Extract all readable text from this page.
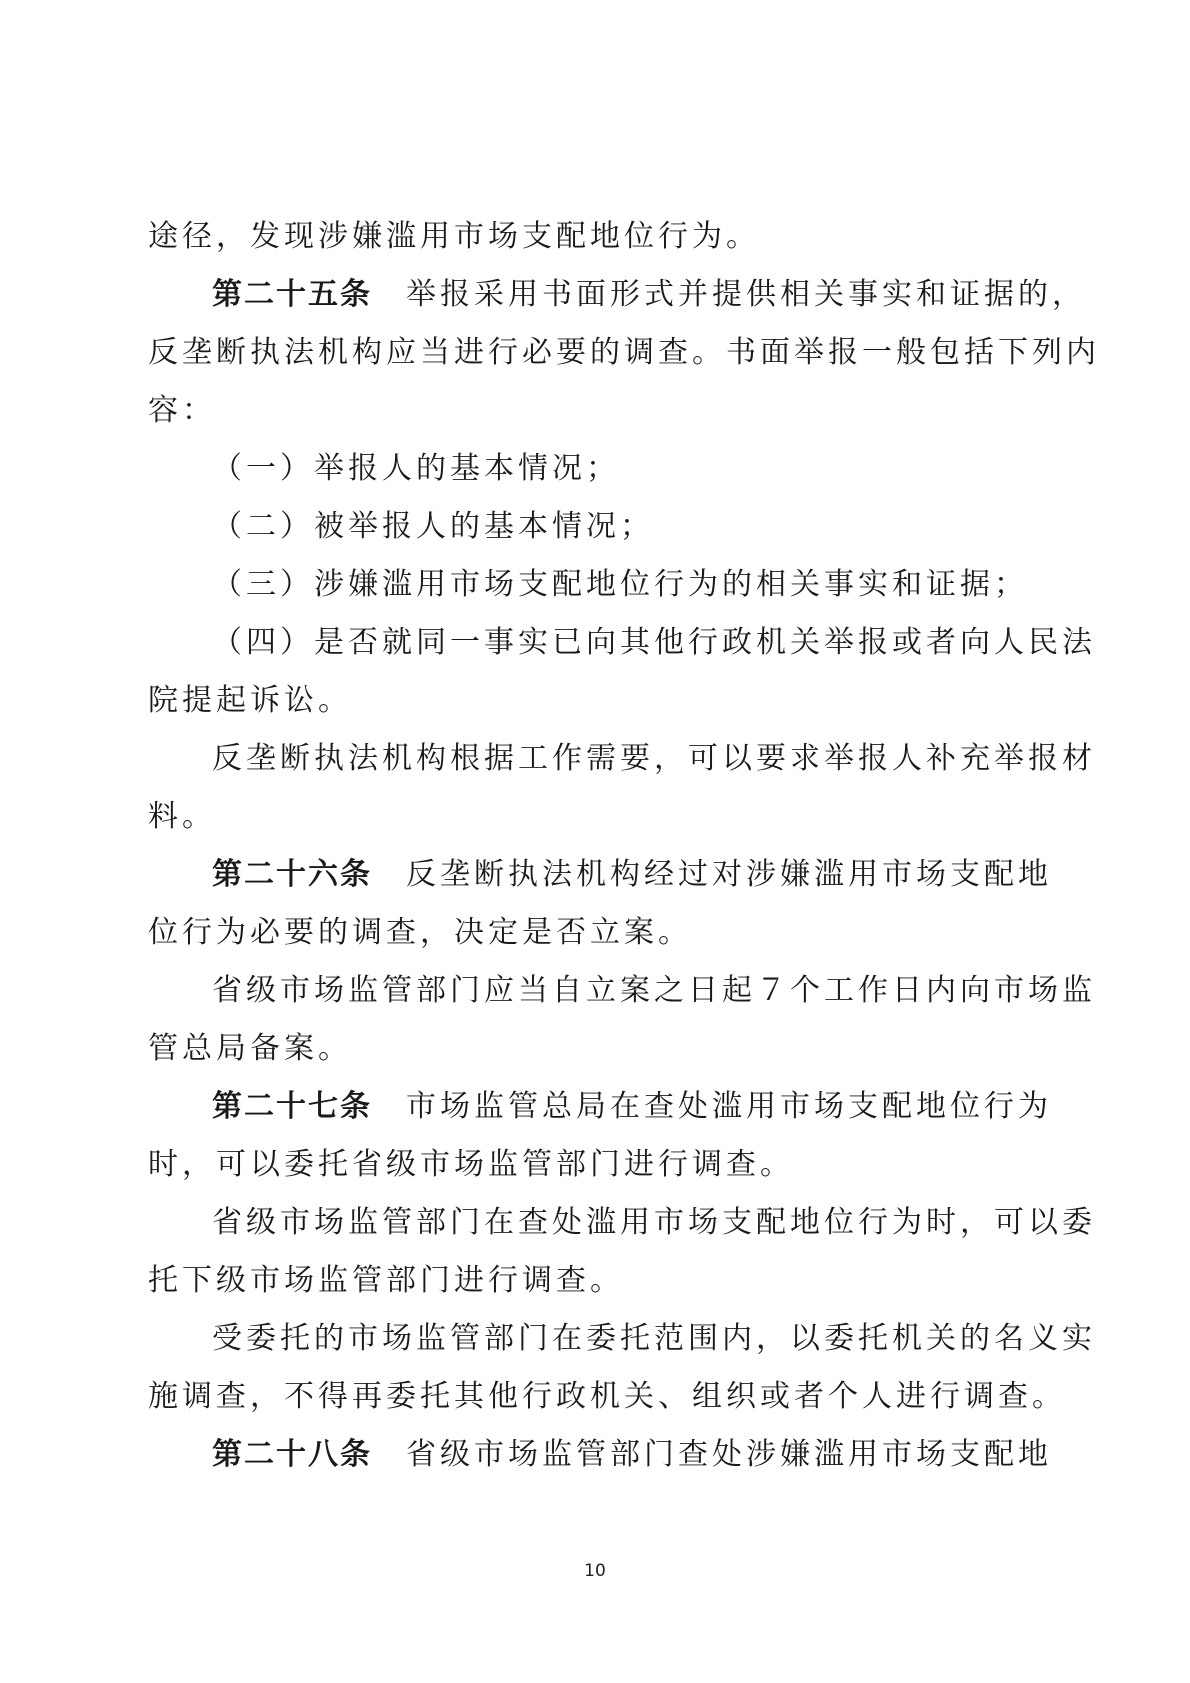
途径，发现涉嫌滥用市场支配地位行为。
第二十五条 举报采用书面形式并提供相关事实和证据的，
反垄断执法机构应当进行必要的调查。书面举报一般包括下列内
容：
（一）举报人的基本情况；
（二）被举报人的基本情况；
（三）涉嫌滥用市场支配地位行为的相关事实和证据；
（四）是否就同一事实已向其他行政机关举报或者向人民法
院提起诉讼。
反垄断执法机构根据工作需要，可以要求举报人补充举报材
料。
第二十六条 反垄断执法机构经过对涉嫌滥用市场支配地
位行为必要的调查，决定是否立案。
省级市场监管部门应当自立案之日起７个工作日内向市场监
管总局备案。
第二十七条 市场监管总局在查处滥用市场支配地位行为
时，可以委托省级市场监管部门进行调查。
省级市场监管部门在查处滥用市场支配地位行为时，可以委
托下级市场监管部门进行调查。
受委托的市场监管部门在委托范围内，以委托机关的名义实
施调查，不得再委托其他行政机关、组织或者个人进行调查。
第二十八条 省级市场监管部门查处涉嫌滥用市场支配地
10
